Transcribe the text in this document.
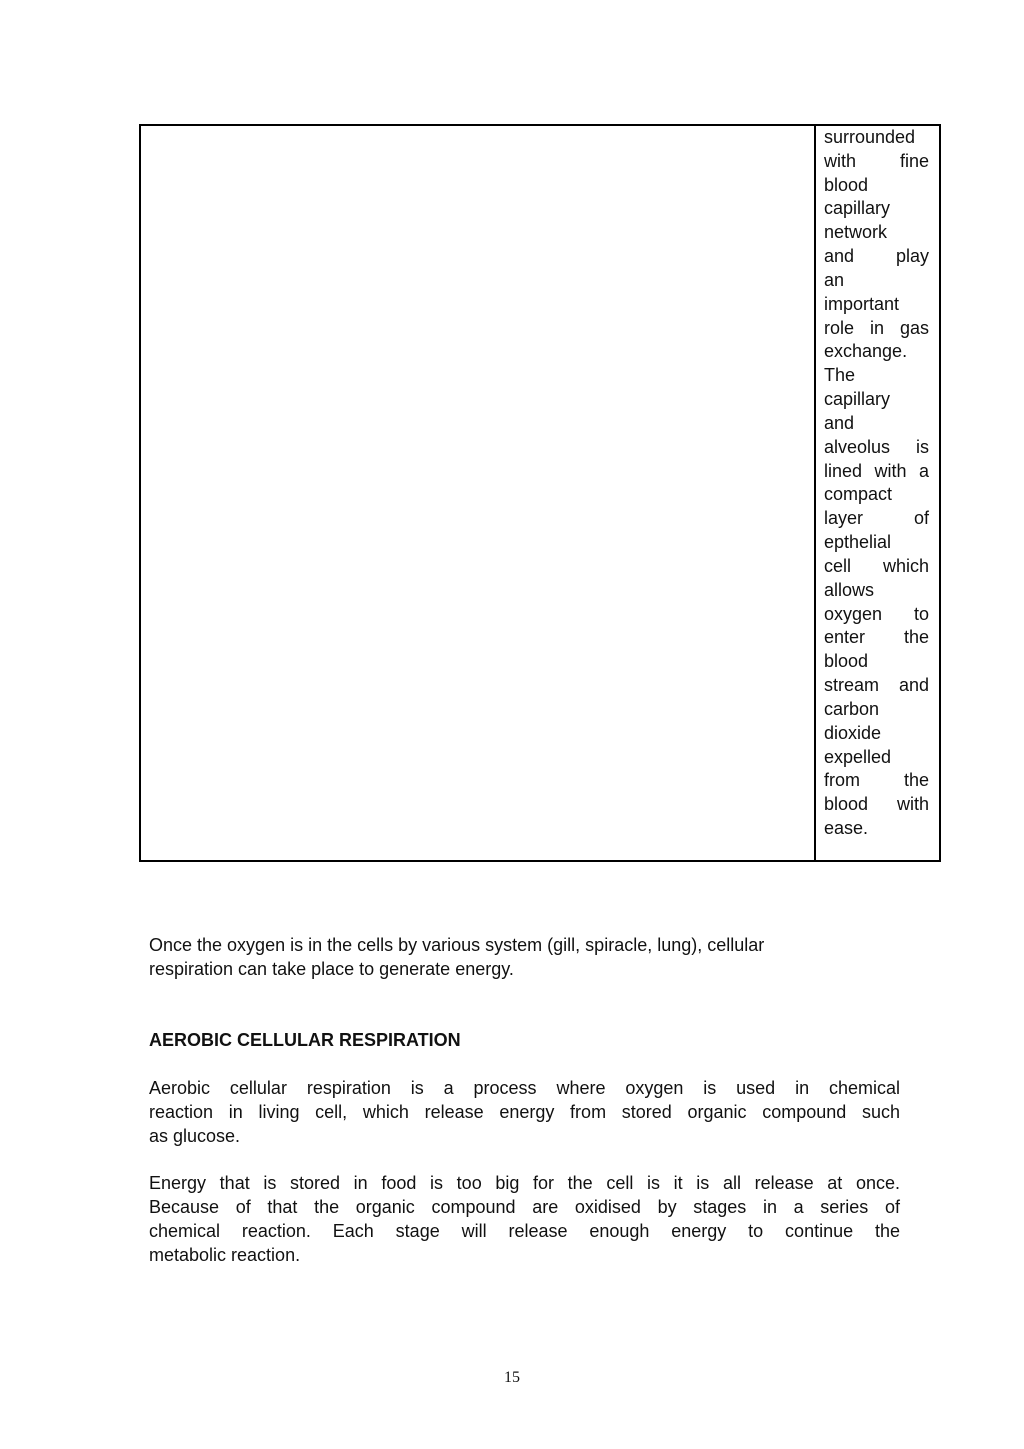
surrounded
with fine
blood
capillary
network
and play
an
important
role in gas
exchange.
The
capillary
and
alveolus is
lined with a
compact
layer	of
epthelial
cell which
allows
oxygen to
enter the
blood
stream and
carbon
dioxide
expelled
from the
blood with
ease.
Once the oxygen is in the cells by various system (gill, spiracle, lung), cellular
respiration can take place to generate energy.
AEROBIC CELLULAR RESPIRATION
Aerobic cellular respiration is a process where oxygen is used in chemical
reaction in living cell, which release energy from stored organic compound such
as glucose.
Energy that is stored in food is too big for the cell is it is all release at once.
Because of that the organic compound are oxidised by stages in a series of
chemical reaction. Each stage will release enough energy to continue the
metabolic reaction.
15
